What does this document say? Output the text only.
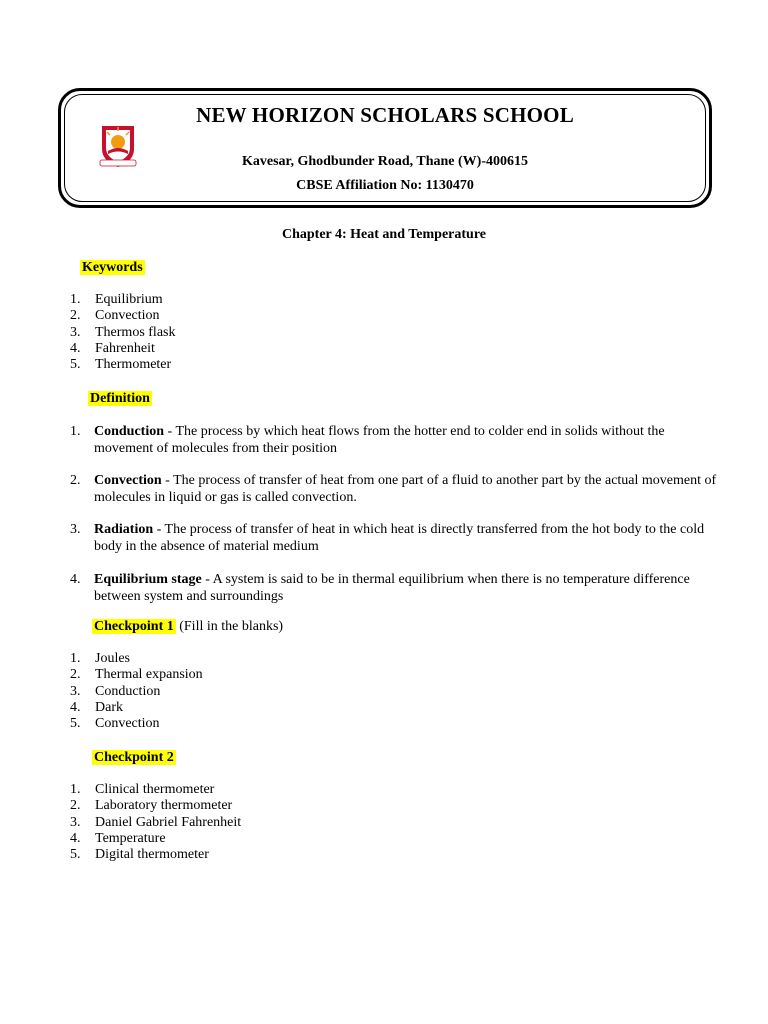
NEW HORIZON SCHOLARS SCHOOL
Kavesar, Ghodbunder Road, Thane (W)-400615
CBSE Affiliation No: 1130470
Chapter 4: Heat and Temperature
Keywords
1. Equilibrium
2. Convection
3. Thermos flask
4. Fahrenheit
5. Thermometer
Definition
1. Conduction - The process by which heat flows from the hotter end to colder end in solids without the movement of molecules from their position
2. Convection - The process of transfer of heat from one part of a fluid to another part by the actual movement of molecules in liquid or gas is called convection.
3. Radiation - The process of transfer of heat in which heat is directly transferred from the hot body to the cold body in the absence of material medium
4. Equilibrium stage - A system is said to be in thermal equilibrium when there is no temperature difference between system and surroundings
Checkpoint 1 (Fill in the blanks)
1. Joules
2. Thermal expansion
3. Conduction
4. Dark
5. Convection
Checkpoint 2
1. Clinical thermometer
2. Laboratory thermometer
3. Daniel Gabriel Fahrenheit
4. Temperature
5. Digital thermometer
